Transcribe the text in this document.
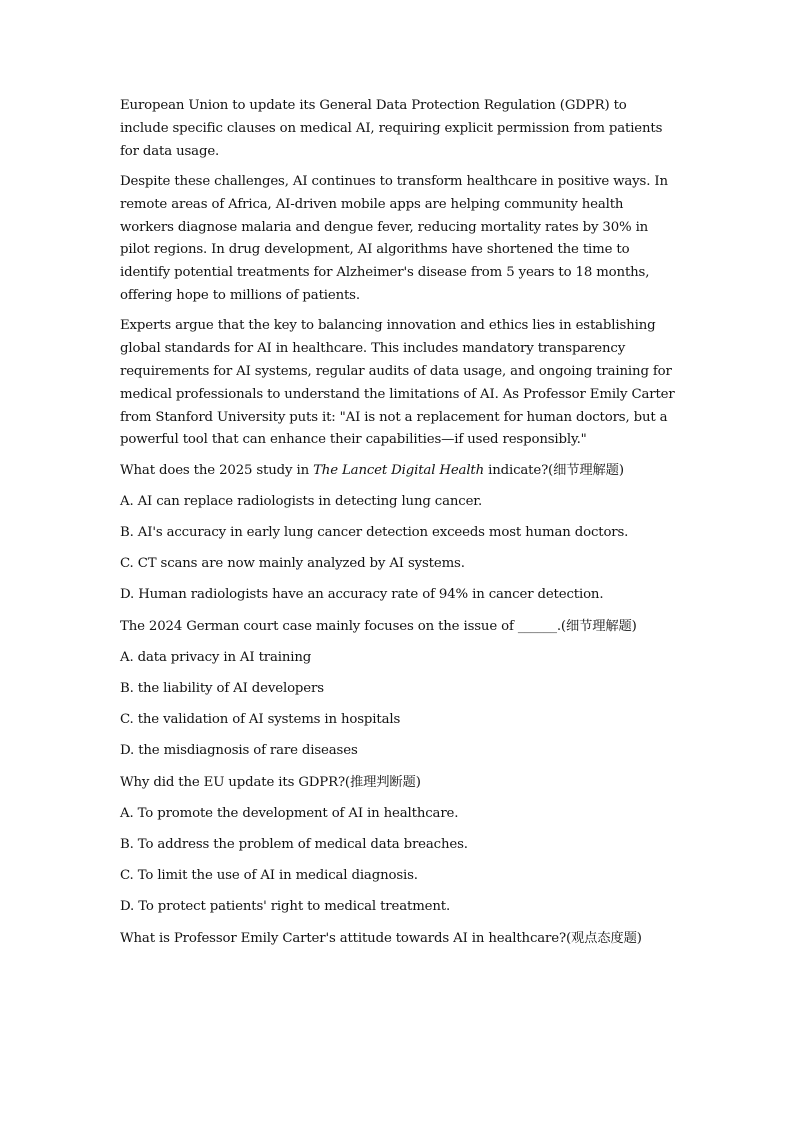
European Union to update its General Data Protection Regulation (GDPR) to include specific clauses on medical AI, requiring explicit permission from patients for data usage.

Despite these challenges, AI continues to transform healthcare in positive ways. In remote areas of Africa, AI-driven mobile apps are helping community health workers diagnose malaria and dengue fever, reducing mortality rates by 30% in pilot regions. In drug development, AI algorithms have shortened the time to identify potential treatments for Alzheimer's disease from 5 years to 18 months, offering hope to millions of patients.

Experts argue that the key to balancing innovation and ethics lies in establishing global standards for AI in healthcare. This includes mandatory transparency requirements for AI systems, regular audits of data usage, and ongoing training for medical professionals to understand the limitations of AI. As Professor Emily Carter from Stanford University puts it: "AI is not a replacement for human doctors, but a powerful tool that can enhance their capabilities—if used responsibly."

What does the 2025 study in The Lancet Digital Health indicate?(细节理解题)

A. AI can replace radiologists in detecting lung cancer.

B. AI's accuracy in early lung cancer detection exceeds most human doctors.

C. CT scans are now mainly analyzed by AI systems.

D. Human radiologists have an accuracy rate of 94% in cancer detection.

The 2024 German court case mainly focuses on the issue of ______.(细节理解题)

A. data privacy in AI training

B. the liability of AI developers

C. the validation of AI systems in hospitals

D. the misdiagnosis of rare diseases

Why did the EU update its GDPR?(推理判断题)

A. To promote the development of AI in healthcare.

B. To address the problem of medical data breaches.

C. To limit the use of AI in medical diagnosis.

D. To protect patients' right to medical treatment.

What is Professor Emily Carter's attitude towards AI in healthcare?(观点态度题)
